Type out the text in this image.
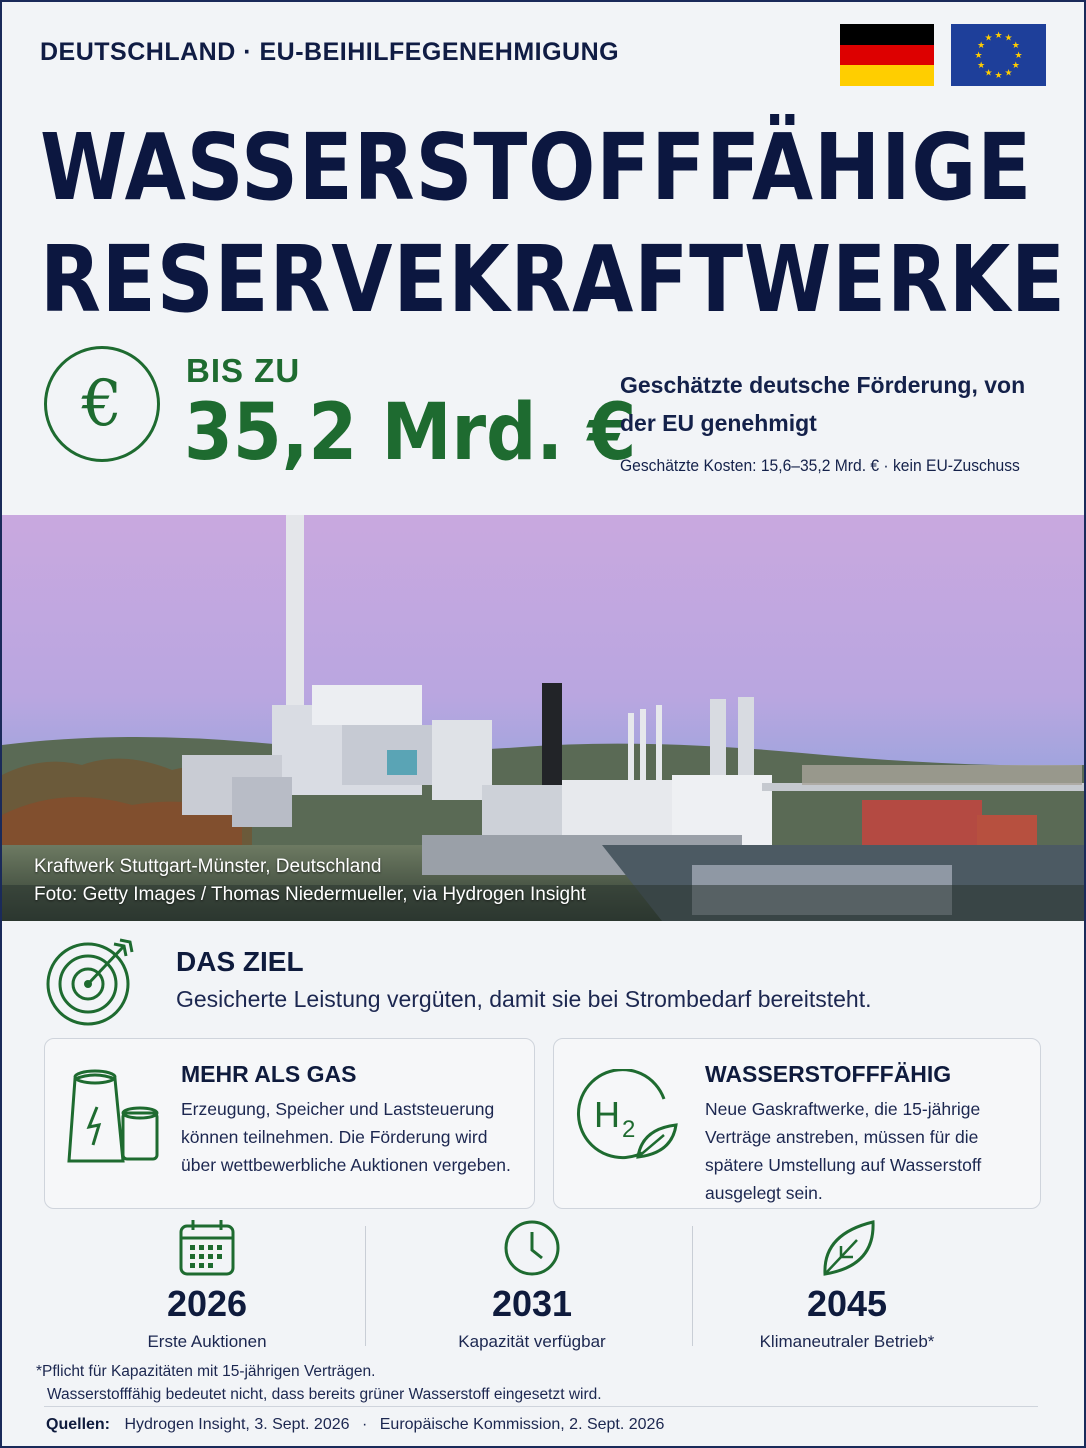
DEUTSCHLAND · EU-BEIHILFEGENEHMIGUNG
★ ★
★
★
★
★
★
★
★
★
★
★
WASSERSTOFFFÄHIGE
RESERVEKRAFTWERKE
€	BIS ZU
35,2 Mrd. €
Geschätzte deutsche Förderung, von der EU genehmigt
Geschätzte Kosten: 15,6–35,2 Mrd. € · kein EU-Zuschuss
Kraftwerk Stuttgart-Münster, Deutschland
Foto: Getty Images / Thomas Niedermueller, via Hydrogen Insight
DAS ZIEL
Gesicherte Leistung vergüten, damit sie bei Strombedarf bereitsteht.
MEHR ALS GAS
Erzeugung, Speicher und Laststeuerung
können teilnehmen. Die Förderung wird
über wettbewerbliche Auktionen vergeben.
H 2
WASSERSTOFFFÄHIG
Neue Gaskraftwerke, die 15-jährige
Verträge anstreben, müssen für die
spätere Umstellung auf Wasserstoff
ausgelegt sein.
2026
Erste Auktionen
2031
Kapazität verfügbar
2045
Klimaneutraler Betrieb*
*Pflicht für Kapazitäten mit 15-jährigen Verträgen.
Wasserstofffähig bedeutet nicht, dass bereits grüner Wasserstoff eingesetzt wird.
Quellen: Hydrogen Insight, 3. Sept. 2026 · Europäische Kommission, 2. Sept. 2026
